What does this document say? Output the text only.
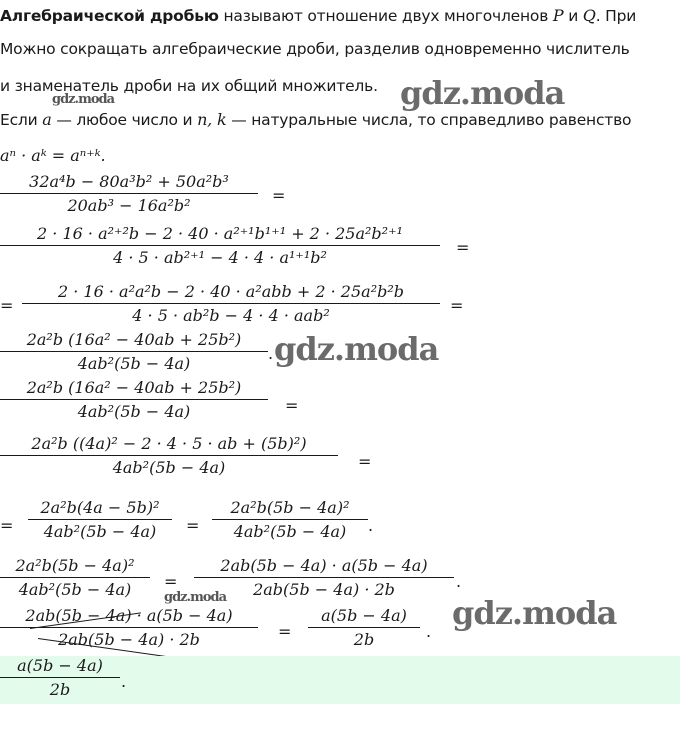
Алгебраической дробью называют отношение двух многочленов P и Q. При
Можно сокращать алгебраические дроби, разделив одновременно числитель
и знаменатель дроби на их общий множитель.
Если a — любое число и n, k — натуральные числа, то справедливо равенство
aⁿ · aᵏ = aⁿ⁺ᵏ.
32a⁴b − 80a³b² + 50a²b³
20ab³ − 16a²b²
=
2 · 16 · a²⁺²b − 2 · 40 · a²⁺¹b¹⁺¹ + 2 · 25a²b²⁺¹
4 · 5 · ab²⁺¹ − 4 · 4 · a¹⁺¹b²
=
=
2 · 16 · a²a²b − 2 · 40 · a²abb + 2 · 25a²b²b
4 · 5 · ab²b − 4 · 4 · aab²
=
2a²b (16a² − 40ab + 25b²)
4ab²(5b − 4a)
.
2a²b (16a² − 40ab + 25b²)
4ab²(5b − 4a)	=
2a²b ((4a)² − 2 · 4 · 5 · ab + (5b)²)
4ab²(5b − 4a)	=
=
2a²b(4a − 5b)²
4ab²(5b − 4a)	=
2a²b(5b − 4a)²
4ab²(5b − 4a)	.
2a²b(5b − 4a)²
4ab²(5b − 4a)	=
2ab(5b − 4a) · a(5b − 4a)
2ab(5b − 4a) · 2b	.
2ab(5b − 4a) · a(5b − 4a)
2ab(5b − 4a) · 2b	=
a(5b − 4a)
2b	.
a(5b − 4a)
2b	.
gdz.moda	gdz.moda
gdz.moda
gdz.moda	gdz.moda
